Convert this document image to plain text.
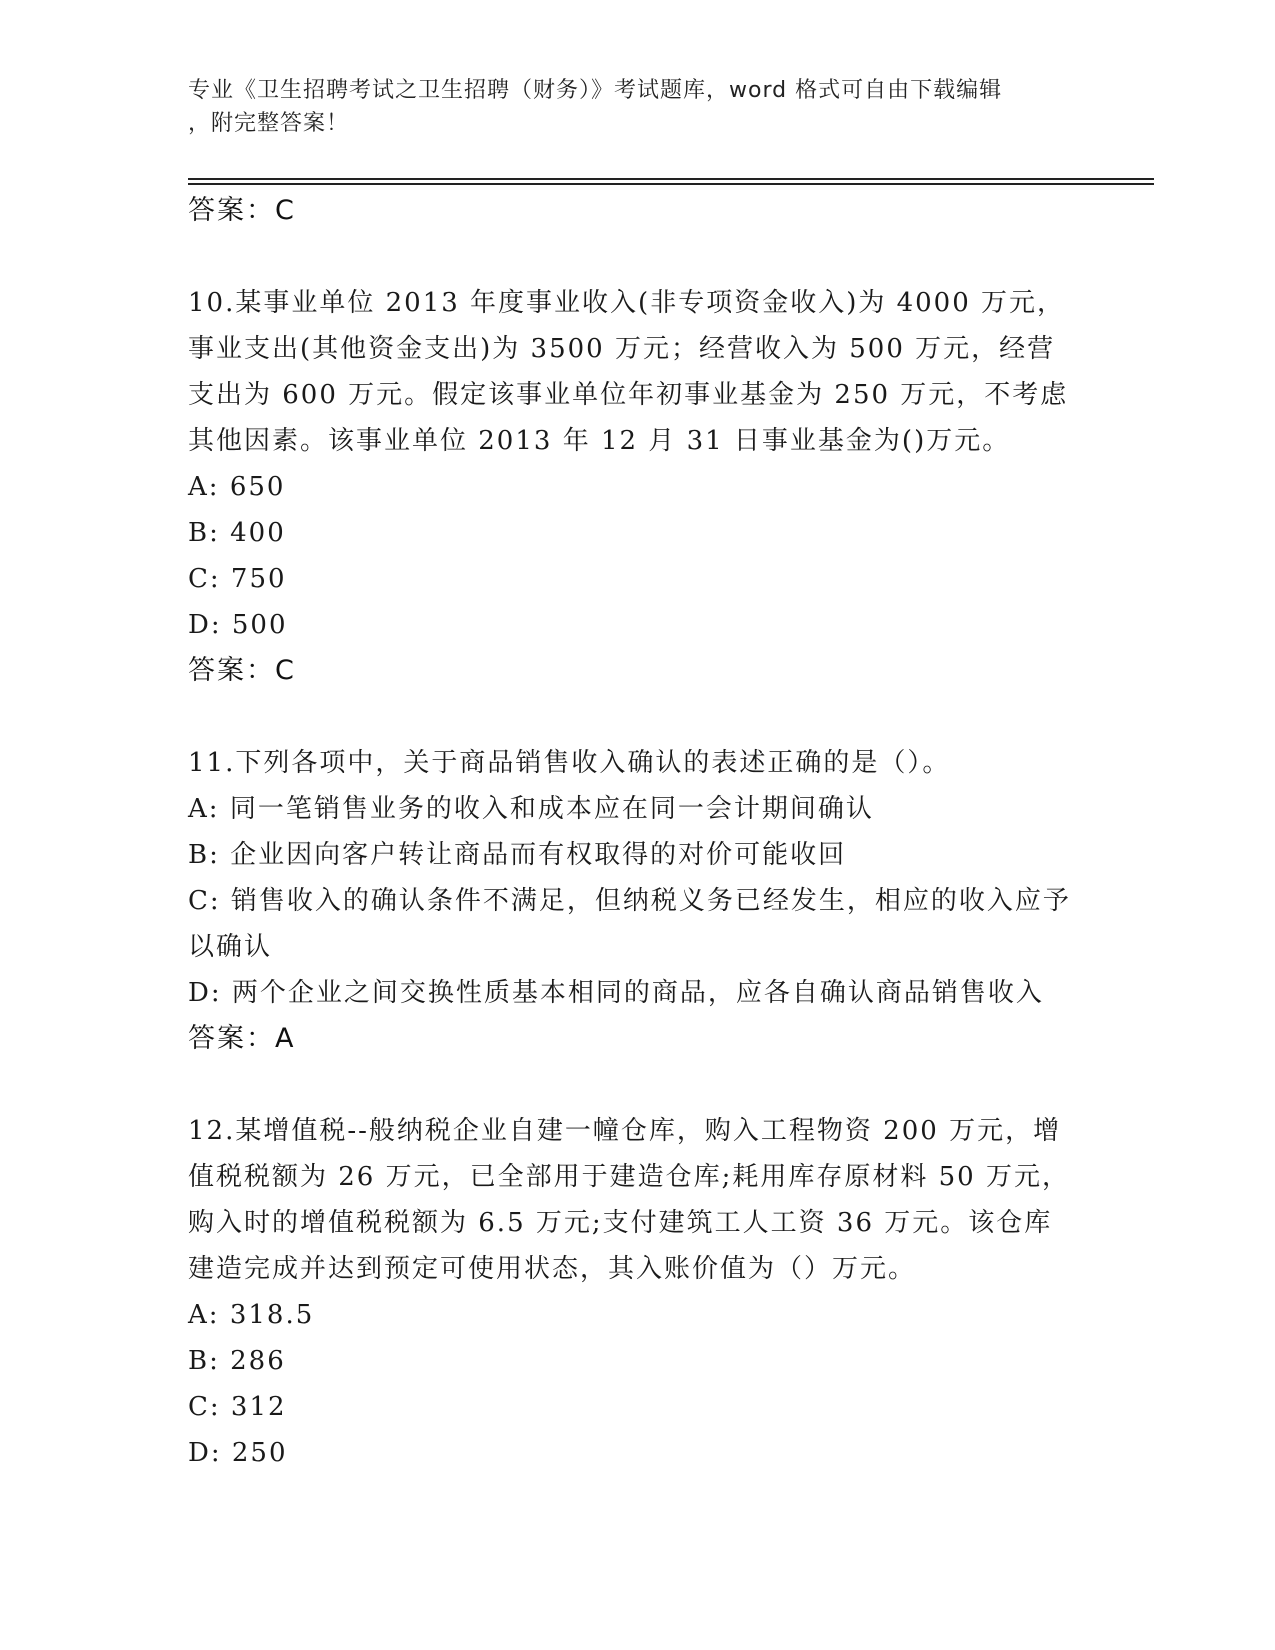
专业《卫生招聘考试之卫生招聘（财务）》考试题库，word 格式可自由下载编辑
，附完整答案！
答案：C
10.某事业单位 2013 年度事业收入(非专项资金收入)为 4000 万元，事业支出(其他资金支出)为 3500 万元；经营收入为 500 万元，经营支出为 600 万元。假定该事业单位年初事业基金为 250 万元，不考虑其他因素。该事业单位 2013 年 12 月 31 日事业基金为()万元。
A: 650
B: 400
C: 750
D: 500
答案：C
11.下列各项中，关于商品销售收入确认的表述正确的是（）。
A: 同一笔销售业务的收入和成本应在同一会计期间确认
B: 企业因向客户转让商品而有权取得的对价可能收回
C: 销售收入的确认条件不满足，但纳税义务已经发生，相应的收入应予以确认
D: 两个企业之间交换性质基本相同的商品，应各自确认商品销售收入
答案：A
12.某增值税--般纳税企业自建一幢仓库，购入工程物资 200 万元，增值税税额为 26 万元，已全部用于建造仓库;耗用库存原材料 50 万元，购入时的增值税税额为 6.5 万元;支付建筑工人工资 36 万元。该仓库建造完成并达到预定可使用状态，其入账价值为（）万元。
A: 318.5
B: 286
C: 312
D: 250
